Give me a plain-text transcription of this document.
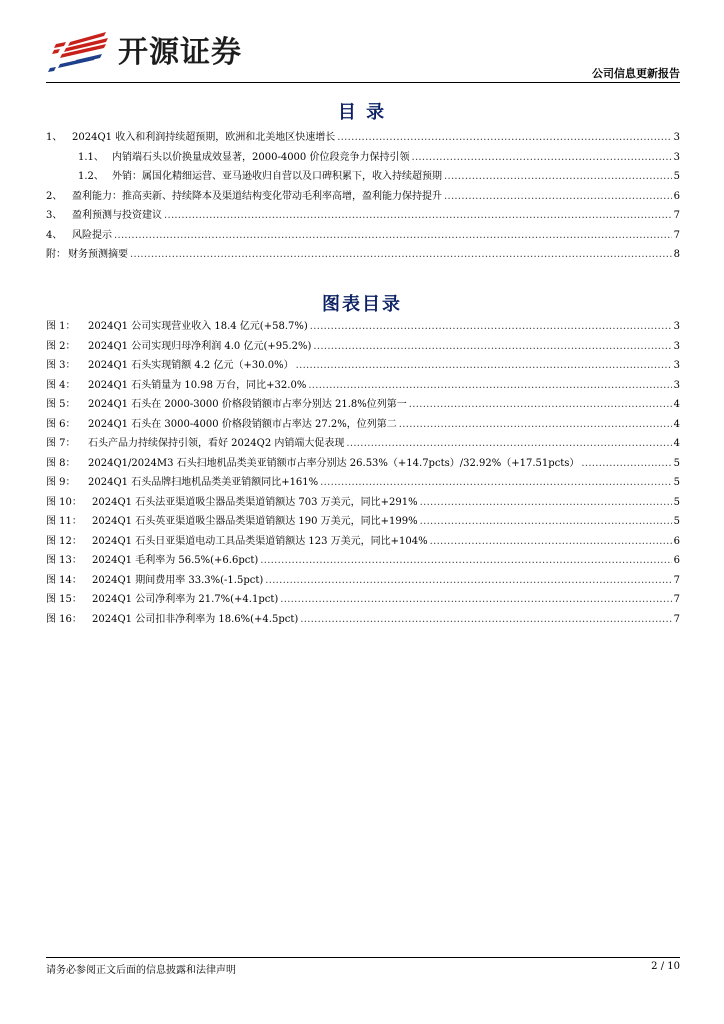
开源证券
公司信息更新报告
目 录
1、 2024Q1 收入和利润持续超预期，欧洲和北美地区快速增长 .....	3
1.1、 内销端石头以价换量成效显著，2000-4000 价位段竞争力保持引领 .....	3
1.2、 外销：属国化精细运营、亚马逊收归自营以及口碑积累下，收入持续超预期 .....	5
2、 盈利能力：推高卖新、持续降本及渠道结构变化带动毛利率高增，盈利能力保持提升 .....	6
3、 盈利预测与投资建议 .....	7
4、 风险提示 .....	7
附： 财务预测摘要 .....	8
图表目录
图 1：	2024Q1 公司实现营业收入 18.4 亿元(+58.7%) .....	3
图 2：	2024Q1 公司实现归母净利润 4.0 亿元(+95.2%) .....	3
图 3：	2024Q1 石头实现销额 4.2 亿元（+30.0%） .....	3
图 4：	2024Q1 石头销量为 10.98 万台，同比+32.0% .....	3
图 5：	2024Q1 石头在 2000-3000 价格段销额市占率分别达 21.8%位列第一 .....	4
图 6：	2024Q1 石头在 3000-4000 价格段销额市占率达 27.2%，位列第二 .....	4
图 7：	石头产品力持续保持引领，看好 2024Q2 内销端大促表现 .....	4
图 8：	2024Q1/2024M3 石头扫地机品类美亚销额市占率分别达 26.53%（+14.7pcts）/32.92%（+17.51pcts） .....	5
图 9：	2024Q1 石头品牌扫地机品类美亚销额同比+161% .....	5
图 10：	2024Q1 石头法亚渠道吸尘器品类渠道销额达 703 万美元，同比+291% .....	5
图 11：	2024Q1 石头英亚渠道吸尘器品类渠道销额达 190 万美元，同比+199% .....	5
图 12：	2024Q1 石头日亚渠道电动工具品类渠道销额达 123 万美元，同比+104% .....	6
图 13：	2024Q1 毛利率为 56.5%(+6.6pct) .....	6
图 14：	2024Q1 期间费用率 33.3%(-1.5pct) .....	7
图 15：	2024Q1 公司净利率为 21.7%(+4.1pct) .....	7
图 16：	2024Q1 公司扣非净利率为 18.6%(+4.5pct) .....	7
请务必参阅正文后面的信息披露和法律声明	2 / 10
